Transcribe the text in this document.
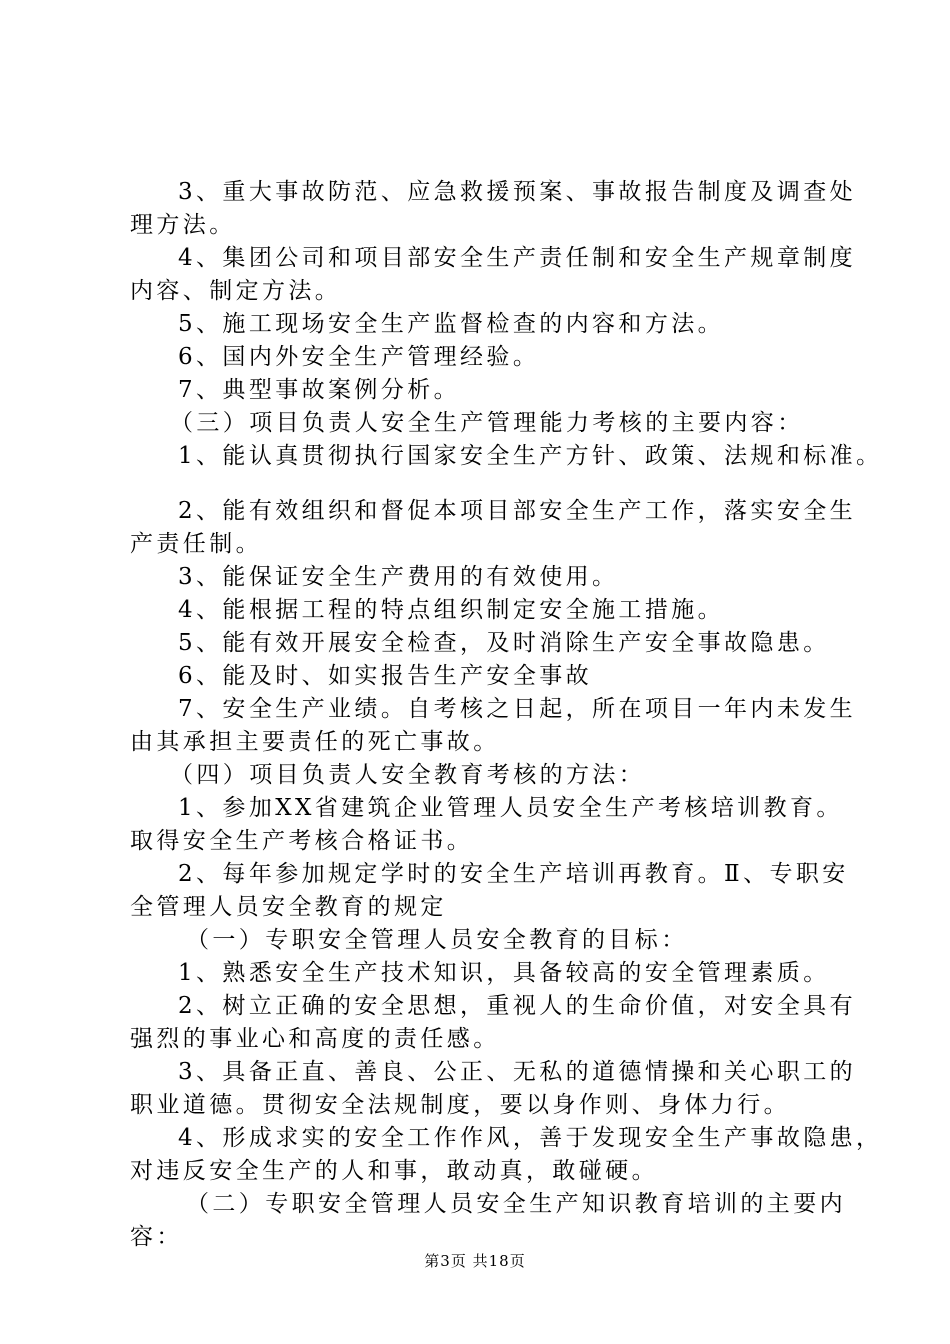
3、重大事故防范、应急救援预案、事故报告制度及调查处
理方法。
4、集团公司和项目部安全生产责任制和安全生产规章制度
内容、制定方法。
5、施工现场安全生产监督检查的内容和方法。
6、国内外安全生产管理经验。
7、典型事故案例分析。
（三）项目负责人安全生产管理能力考核的主要内容：
1、能认真贯彻执行国家安全生产方针、政策、法规和标准。
2、能有效组织和督促本项目部安全生产工作，落实安全生
产责任制。
3、能保证安全生产费用的有效使用。
4、能根据工程的特点组织制定安全施工措施。
5、能有效开展安全检查，及时消除生产安全事故隐患。
6、能及时、如实报告生产安全事故
7、安全生产业绩。自考核之日起，所在项目一年内未发生
由其承担主要责任的死亡事故。
（四）项目负责人安全教育考核的方法：
1、参加XX省建筑企业管理人员安全生产考核培训教育。
取得安全生产考核合格证书。
2、每年参加规定学时的安全生产培训再教育。Ⅱ、专职安
全管理人员安全教育的规定
（一）专职安全管理人员安全教育的目标：
1、熟悉安全生产技术知识，具备较高的安全管理素质。
2、树立正确的安全思想，重视人的生命价值，对安全具有
强烈的事业心和高度的责任感。
3、具备正直、善良、公正、无私的道德情操和关心职工的
职业道德。贯彻安全法规制度，要以身作则、身体力行。
4、形成求实的安全工作作风，善于发现安全生产事故隐患，
对违反安全生产的人和事，敢动真，敢碰硬。
（二）专职安全管理人员安全生产知识教育培训的主要内
容：
第3页 共18页
